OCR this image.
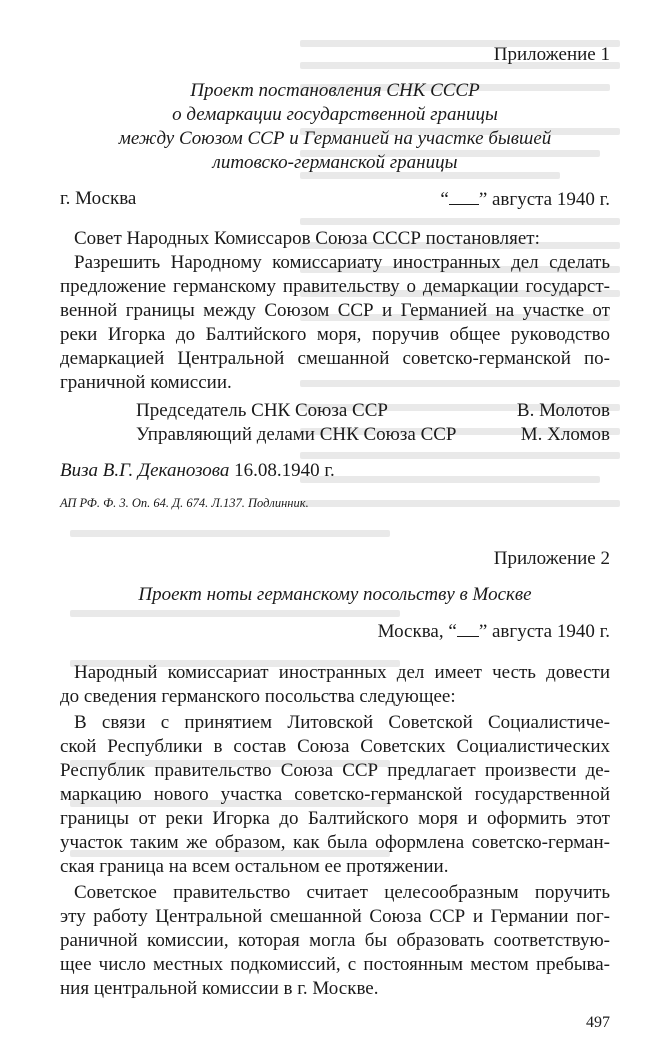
Приложение 1
Проект постановления СНК СССР
о демаркации государственной границы
между Союзом ССР и Германией на участке бывшей
литовско-германской границы
г. Москва	“ ” августа 1940 г.
Совет Народных Комиссаров Союза СССР постановляет:
Разрешить Народному комиссариату иностранных дел сделать
предложение германскому правительству о демаркации государст-
венной границы между Союзом ССР и Германией на участке от
реки Игорка до Балтийского моря, поручив общее руководство
демаркацией Центральной смешанной советско-германской по-
граничной комиссии.
Председатель СНК Союза ССР	В. Молотов
Управляющий делами СНК Союза ССР	М. Хломов
Виза В.Г. Деканозова 16.08.1940 г.
АП РФ. Ф. 3. Оп. 64. Д. 674. Л.137. Подлинник.
Приложение 2
Проект ноты германскому посольству в Москве
Москва, “ ” августа 1940 г.
Народный комиссариат иностранных дел имеет честь довести
до сведения германского посольства следующее:
В связи с принятием Литовской Советской Социалистиче-
ской Республики в состав Союза Советских Социалистических
Республик правительство Союза ССР предлагает произвести де-
маркацию нового участка советско-германской государственной
границы от реки Игорка до Балтийского моря и оформить этот
участок таким же образом, как была оформлена советско-герман-
ская граница на всем остальном ее протяжении.
Советское правительство считает целесообразным поручить
эту работу Центральной смешанной Союза ССР и Германии пог-
раничной комиссии, которая могла бы образовать соответствую-
щее число местных подкомиссий, с постоянным местом пребыва-
ния центральной комиссии в г. Москве.
497
